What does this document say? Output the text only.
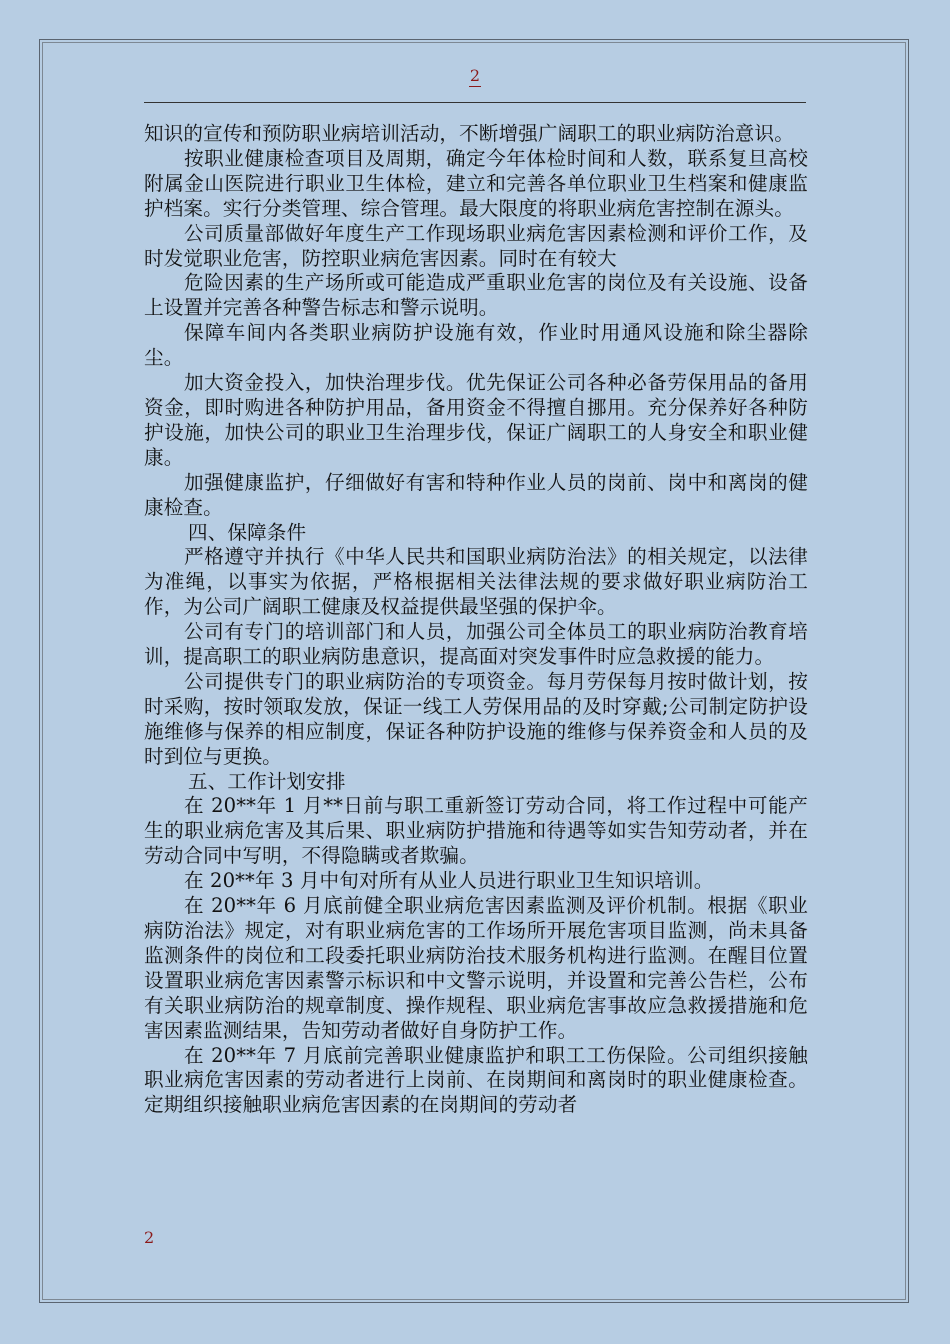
2

知识的宣传和预防职业病培训活动，不断增强广阔职工的职业病防治意识。

按职业健康检查项目及周期，确定今年体检时间和人数，联系复旦高校附属金山医院进行职业卫生体检，建立和完善各单位职业卫生档案和健康监护档案。实行分类管理、综合管理。最大限度的将职业病危害控制在源头。

公司质量部做好年度生产工作现场职业病危害因素检测和评价工作，及时发觉职业危害，防控职业病危害因素。同时在有较大

危险因素的生产场所或可能造成严重职业危害的岗位及有关设施、设备上设置并完善各种警告标志和警示说明。

保障车间内各类职业病防护设施有效，作业时用通风设施和除尘器除尘。

加大资金投入，加快治理步伐。优先保证公司各种必备劳保用品的备用资金，即时购进各种防护用品，备用资金不得擅自挪用。充分保养好各种防护设施，加快公司的职业卫生治理步伐，保证广阔职工的人身安全和职业健康。

加强健康监护，仔细做好有害和特种作业人员的岗前、岗中和离岗的健康检查。

四、保障条件

严格遵守并执行《中华人民共和国职业病防治法》的相关规定，以法律为准绳，以事实为依据，严格根据相关法律法规的要求做好职业病防治工作，为公司广阔职工健康及权益提供最坚强的保护伞。

公司有专门的培训部门和人员，加强公司全体员工的职业病防治教育培训，提高职工的职业病防患意识，提高面对突发事件时应急救援的能力。

公司提供专门的职业病防治的专项资金。每月劳保每月按时做计划，按时采购，按时领取发放，保证一线工人劳保用品的及时穿戴;公司制定防护设施维修与保养的相应制度，保证各种防护设施的维修与保养资金和人员的及时到位与更换。

五、工作计划安排

在 20**年 1 月**日前与职工重新签订劳动合同，将工作过程中可能产生的职业病危害及其后果、职业病防护措施和待遇等如实告知劳动者，并在劳动合同中写明，不得隐瞒或者欺骗。

在 20**年 3 月中旬对所有从业人员进行职业卫生知识培训。

在 20**年 6 月底前健全职业病危害因素监测及评价机制。根据《职业病防治法》规定，对有职业病危害的工作场所开展危害项目监测，尚未具备监测条件的岗位和工段委托职业病防治技术服务机构进行监测。在醒目位置设置职业病危害因素警示标识和中文警示说明，并设置和完善公告栏，公布有关职业病防治的规章制度、操作规程、职业病危害事故应急救援措施和危害因素监测结果，告知劳动者做好自身防护工作。

在 20**年 7 月底前完善职业健康监护和职工工伤保险。公司组织接触职业病危害因素的劳动者进行上岗前、在岗期间和离岗时的职业健康检查。定期组织接触职业病危害因素的在岗期间的劳动者

2
